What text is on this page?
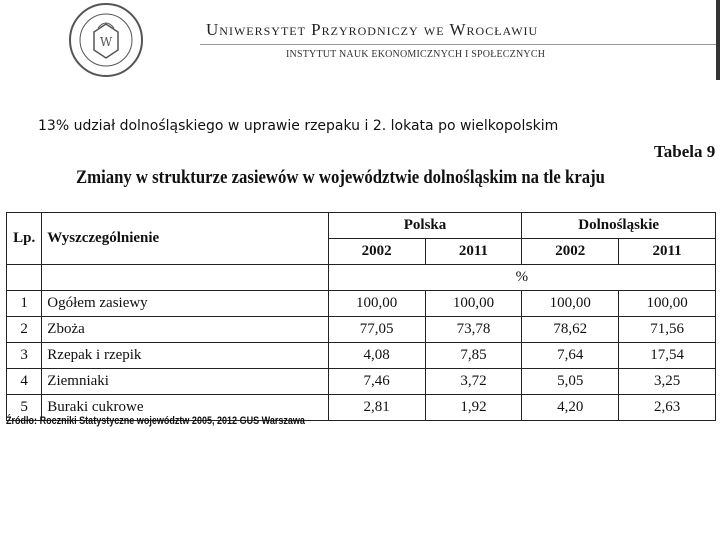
W
Uniwersytet Przyrodniczy we Wrocławiu
INSTYTUT NAUK EKONOMICZNYCH I SPOŁECZNYCH
13% udział dolnośląskiego w uprawie rzepaku i 2. lokata po wielkopolskim
Tabela 9
Zmiany w strukturze zasiewów w województwie dolnośląskim na tle kraju
Lp.	Wyszczególnienie	Polska		Dolnośląskie	
		2002	2011	2002	2011
		%			
1	Ogółem zasiewy	100,00	100,00	100,00	100,00
2	Zboża	77,05	73,78	78,62	71,56
3	Rzepak i rzepik	4,08	7,85	7,64	17,54
4	Ziemniaki	7,46	3,72	5,05	3,25
5	Buraki cukrowe	2,81	1,92	4,20	2,63
Źródło: Roczniki Statystyczne województw 2005, 2012 GUS Warszawa
